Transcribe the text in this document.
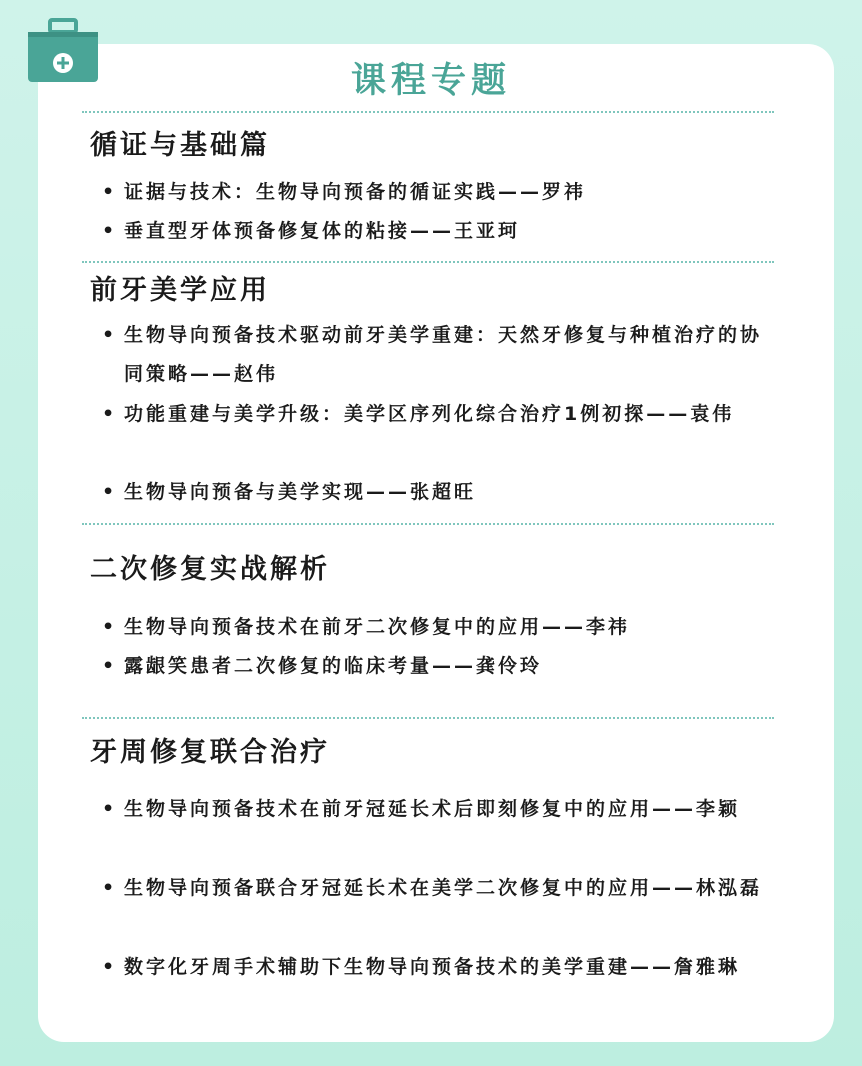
课程专题
循证与基础篇
• 证据与技术：生物导向预备的循证实践——罗祎
• 垂直型牙体预备修复体的粘接——王亚珂
前牙美学应用
• 生物导向预备技术驱动前牙美学重建：天然牙修复与种植治疗的协同策略——赵伟
• 功能重建与美学升级：美学区序列化综合治疗1例初探——袁伟
• 生物导向预备与美学实现——张超旺
二次修复实战解析
• 生物导向预备技术在前牙二次修复中的应用——李祎
• 露龈笑患者二次修复的临床考量——龚伶玲
牙周修复联合治疗
• 生物导向预备技术在前牙冠延长术后即刻修复中的应用——李颖
• 生物导向预备联合牙冠延长术在美学二次修复中的应用——林泓磊
• 数字化牙周手术辅助下生物导向预备技术的美学重建——詹雅琳
